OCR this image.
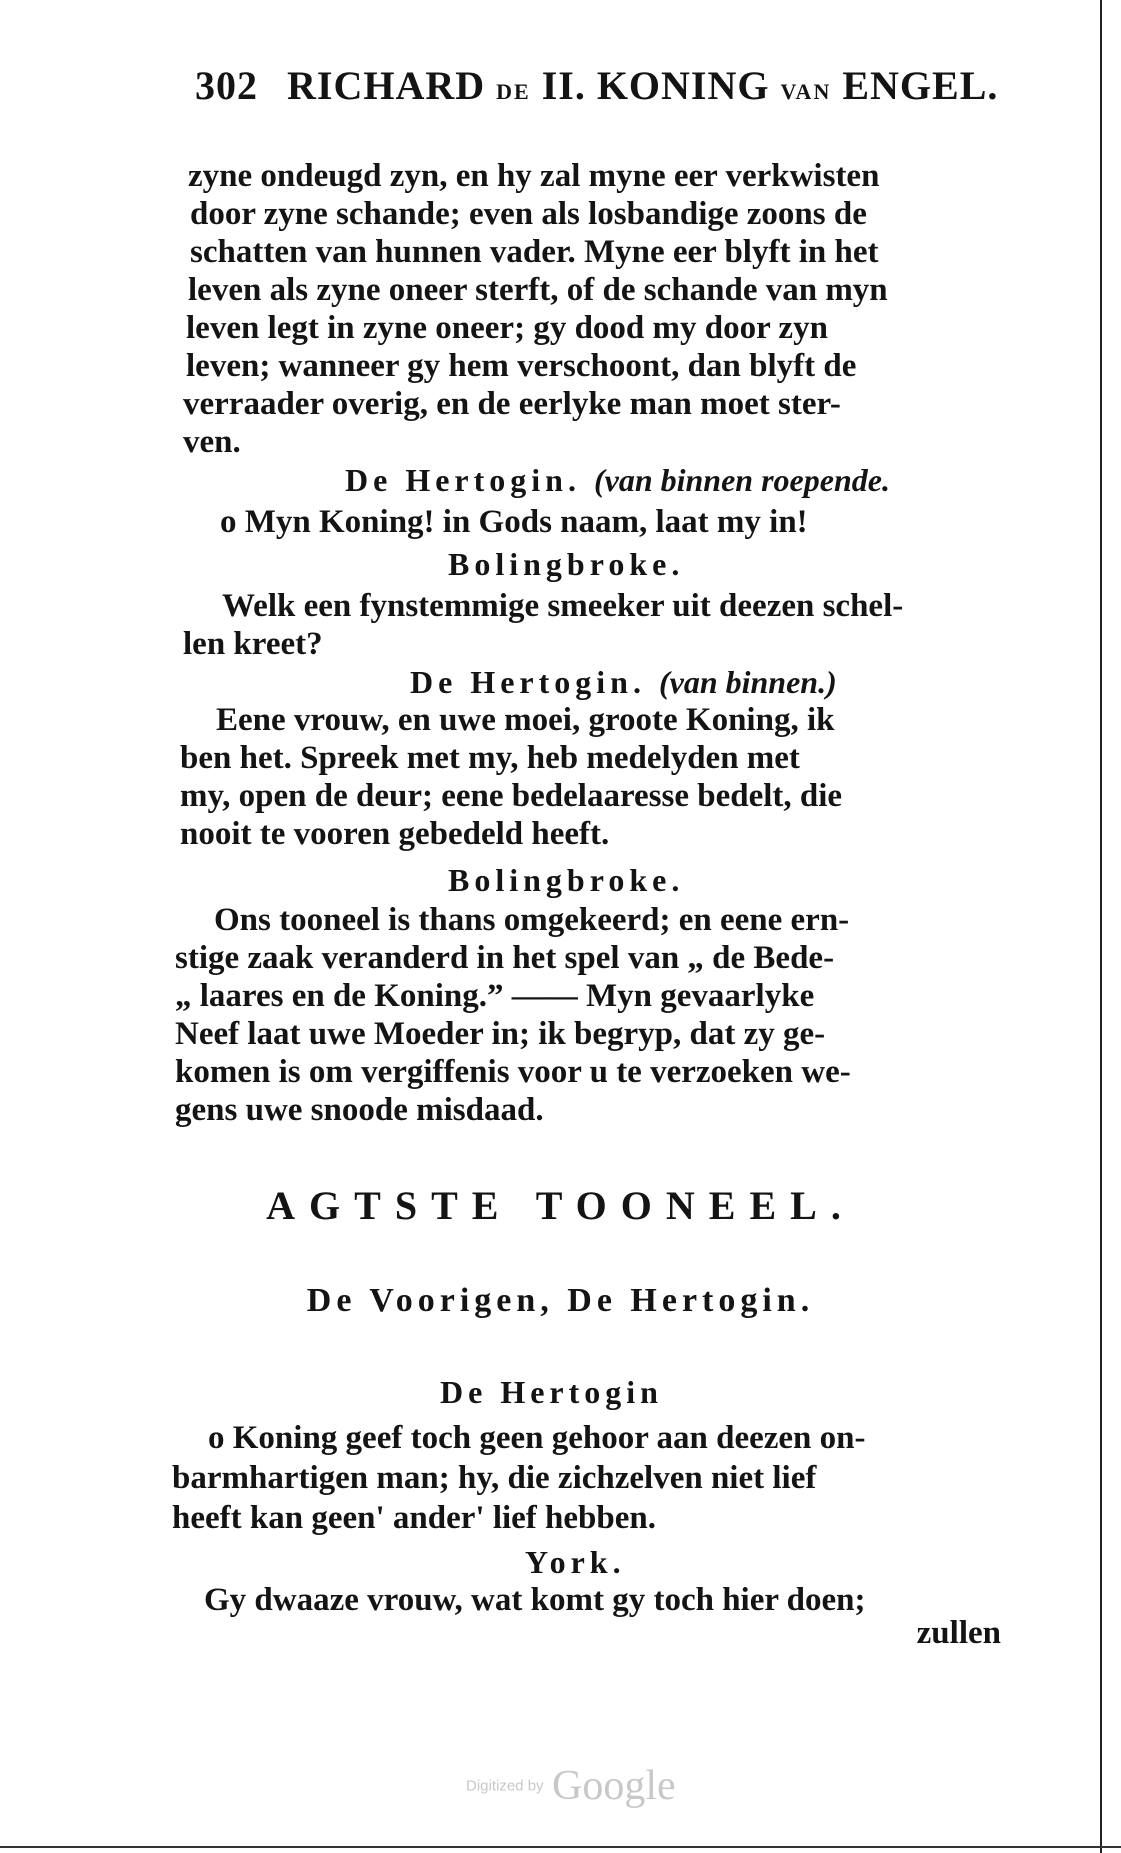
302 RICHARD DE II. KONING VAN ENGEL.
zyne ondeugd zyn, en hy zal myne eer verkwisten
door zyne schande; even als losbandige zoons de
schatten van hunnen vader. Myne eer blyft in het
leven als zyne oneer sterft, of de schande van myn
leven legt in zyne oneer; gy dood my door zyn
leven; wanneer gy hem verschoont, dan blyft de
verraader overig, en de eerlyke man moet ster-
ven.
De Hertogin. (van binnen roepende.
o Myn Koning! in Gods naam, laat my in!
Bolingbroke.
Welk een fynstemmige smeeker uit deezen schel-
len kreet?
De Hertogin. (van binnen.)
Eene vrouw, en uwe moei, groote Koning, ik
ben het. Spreek met my, heb medelyden met
my, open de deur; eene bedelaaresse bedelt, die
nooit te vooren gebedeld heeft.
Bolingbroke.
Ons tooneel is thans omgekeerd; en eene ern-
stige zaak veranderd in het spel van „ de Bede-
„ laares en de Koning.” —— Myn gevaarlyke
Neef laat uwe Moeder in; ik begryp, dat zy ge-
komen is om vergiffenis voor u te verzoeken we-
gens uwe snoode misdaad.
AGTSTE TOONEEL.
De Voorigen, De Hertogin.
De Hertogin
o Koning geef toch geen gehoor aan deezen on-
barmhartigen man; hy, die zichzelven niet lief
heeft kan geen' ander' lief hebben.
York.
Gy dwaaze vrouw, wat komt gy toch hier doen;
zullen
Digitized by Google
